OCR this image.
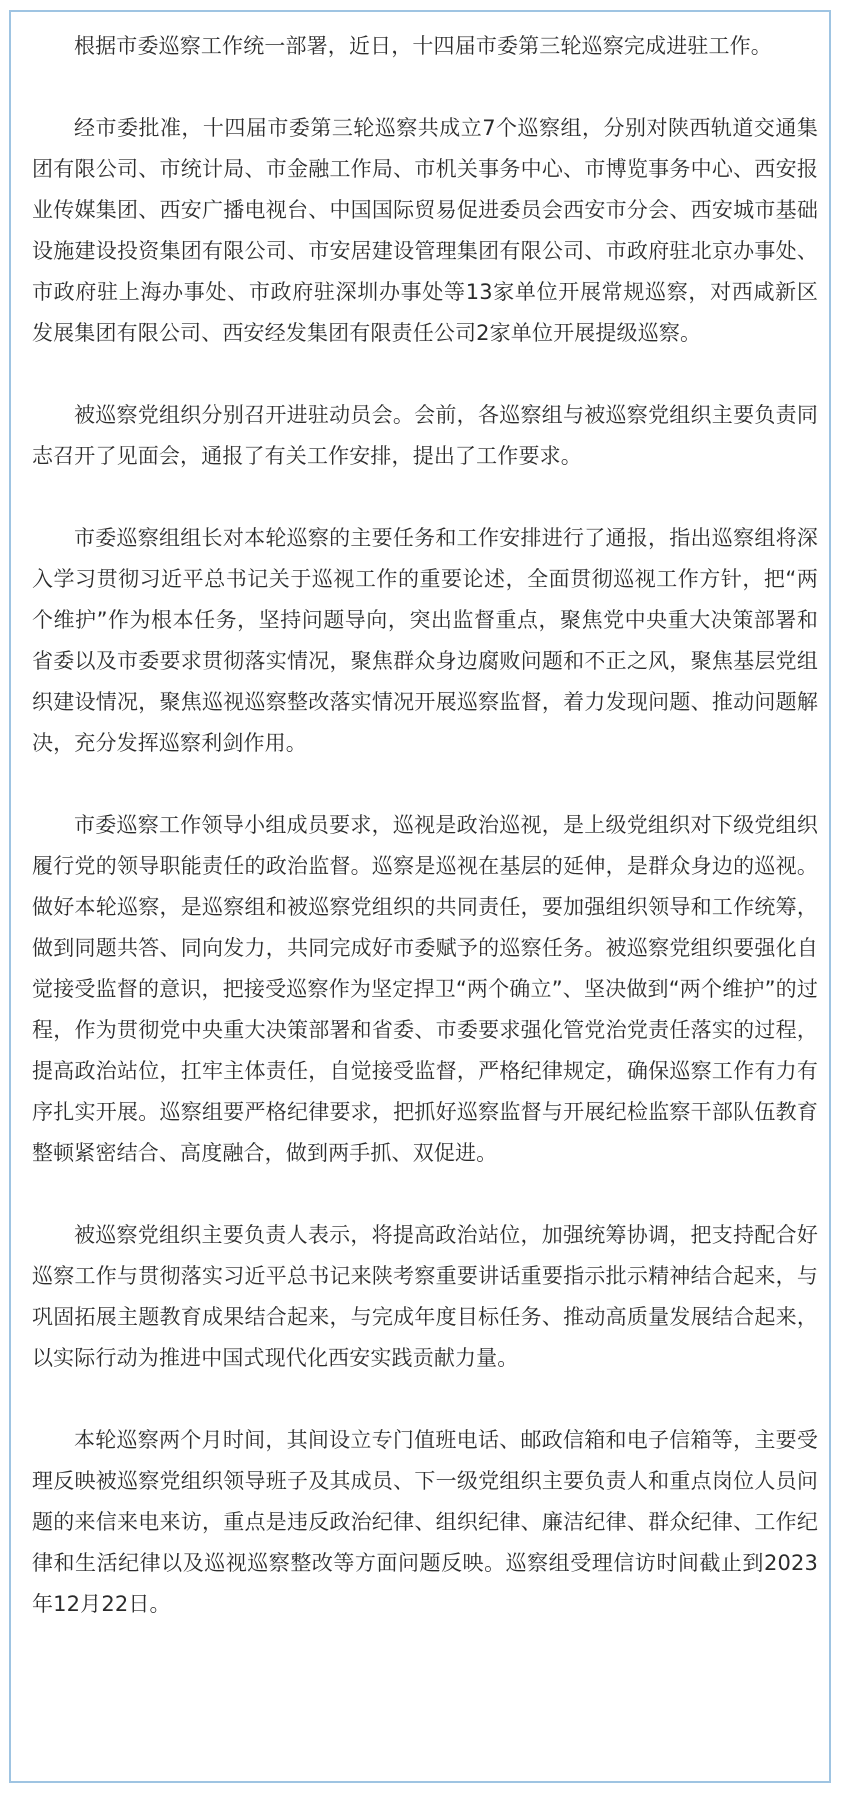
根据市委巡察工作统一部署，近日，十四届市委第三轮巡察完成进驻工作。

经市委批准，十四届市委第三轮巡察共成立7个巡察组，分别对陕西轨道交通集团有限公司、市统计局、市金融工作局、市机关事务中心、市博览事务中心、西安报业传媒集团、西安广播电视台、中国国际贸易促进委员会西安市分会、西安城市基础设施建设投资集团有限公司、市安居建设管理集团有限公司、市政府驻北京办事处、市政府驻上海办事处、市政府驻深圳办事处等13家单位开展常规巡察，对西咸新区发展集团有限公司、西安经发集团有限责任公司2家单位开展提级巡察。

被巡察党组织分别召开进驻动员会。会前，各巡察组与被巡察党组织主要负责同志召开了见面会，通报了有关工作安排，提出了工作要求。

市委巡察组组长对本轮巡察的主要任务和工作安排进行了通报，指出巡察组将深入学习贯彻习近平总书记关于巡视工作的重要论述，全面贯彻巡视工作方针，把“两个维护”作为根本任务，坚持问题导向，突出监督重点，聚焦党中央重大决策部署和省委以及市委要求贯彻落实情况，聚焦群众身边腐败问题和不正之风，聚焦基层党组织建设情况，聚焦巡视巡察整改落实情况开展巡察监督，着力发现问题、推动问题解决，充分发挥巡察利剑作用。

市委巡察工作领导小组成员要求，巡视是政治巡视，是上级党组织对下级党组织履行党的领导职能责任的政治监督。巡察是巡视在基层的延伸，是群众身边的巡视。做好本轮巡察，是巡察组和被巡察党组织的共同责任，要加强组织领导和工作统筹，做到同题共答、同向发力，共同完成好市委赋予的巡察任务。被巡察党组织要强化自觉接受监督的意识，把接受巡察作为坚定捍卫“两个确立”、坚决做到“两个维护”的过程，作为贯彻党中央重大决策部署和省委、市委要求强化管党治党责任落实的过程，提高政治站位，扛牢主体责任，自觉接受监督，严格纪律规定，确保巡察工作有力有序扎实开展。巡察组要严格纪律要求，把抓好巡察监督与开展纪检监察干部队伍教育整顿紧密结合、高度融合，做到两手抓、双促进。

被巡察党组织主要负责人表示，将提高政治站位，加强统筹协调，把支持配合好巡察工作与贯彻落实习近平总书记来陕考察重要讲话重要指示批示精神结合起来，与巩固拓展主题教育成果结合起来，与完成年度目标任务、推动高质量发展结合起来，以实际行动为推进中国式现代化西安实践贡献力量。

本轮巡察两个月时间，其间设立专门值班电话、邮政信箱和电子信箱等，主要受理反映被巡察党组织领导班子及其成员、下一级党组织主要负责人和重点岗位人员问题的来信来电来访，重点是违反政治纪律、组织纪律、廉洁纪律、群众纪律、工作纪律和生活纪律以及巡视巡察整改等方面问题反映。巡察组受理信访时间截止到2023年12月22日。
